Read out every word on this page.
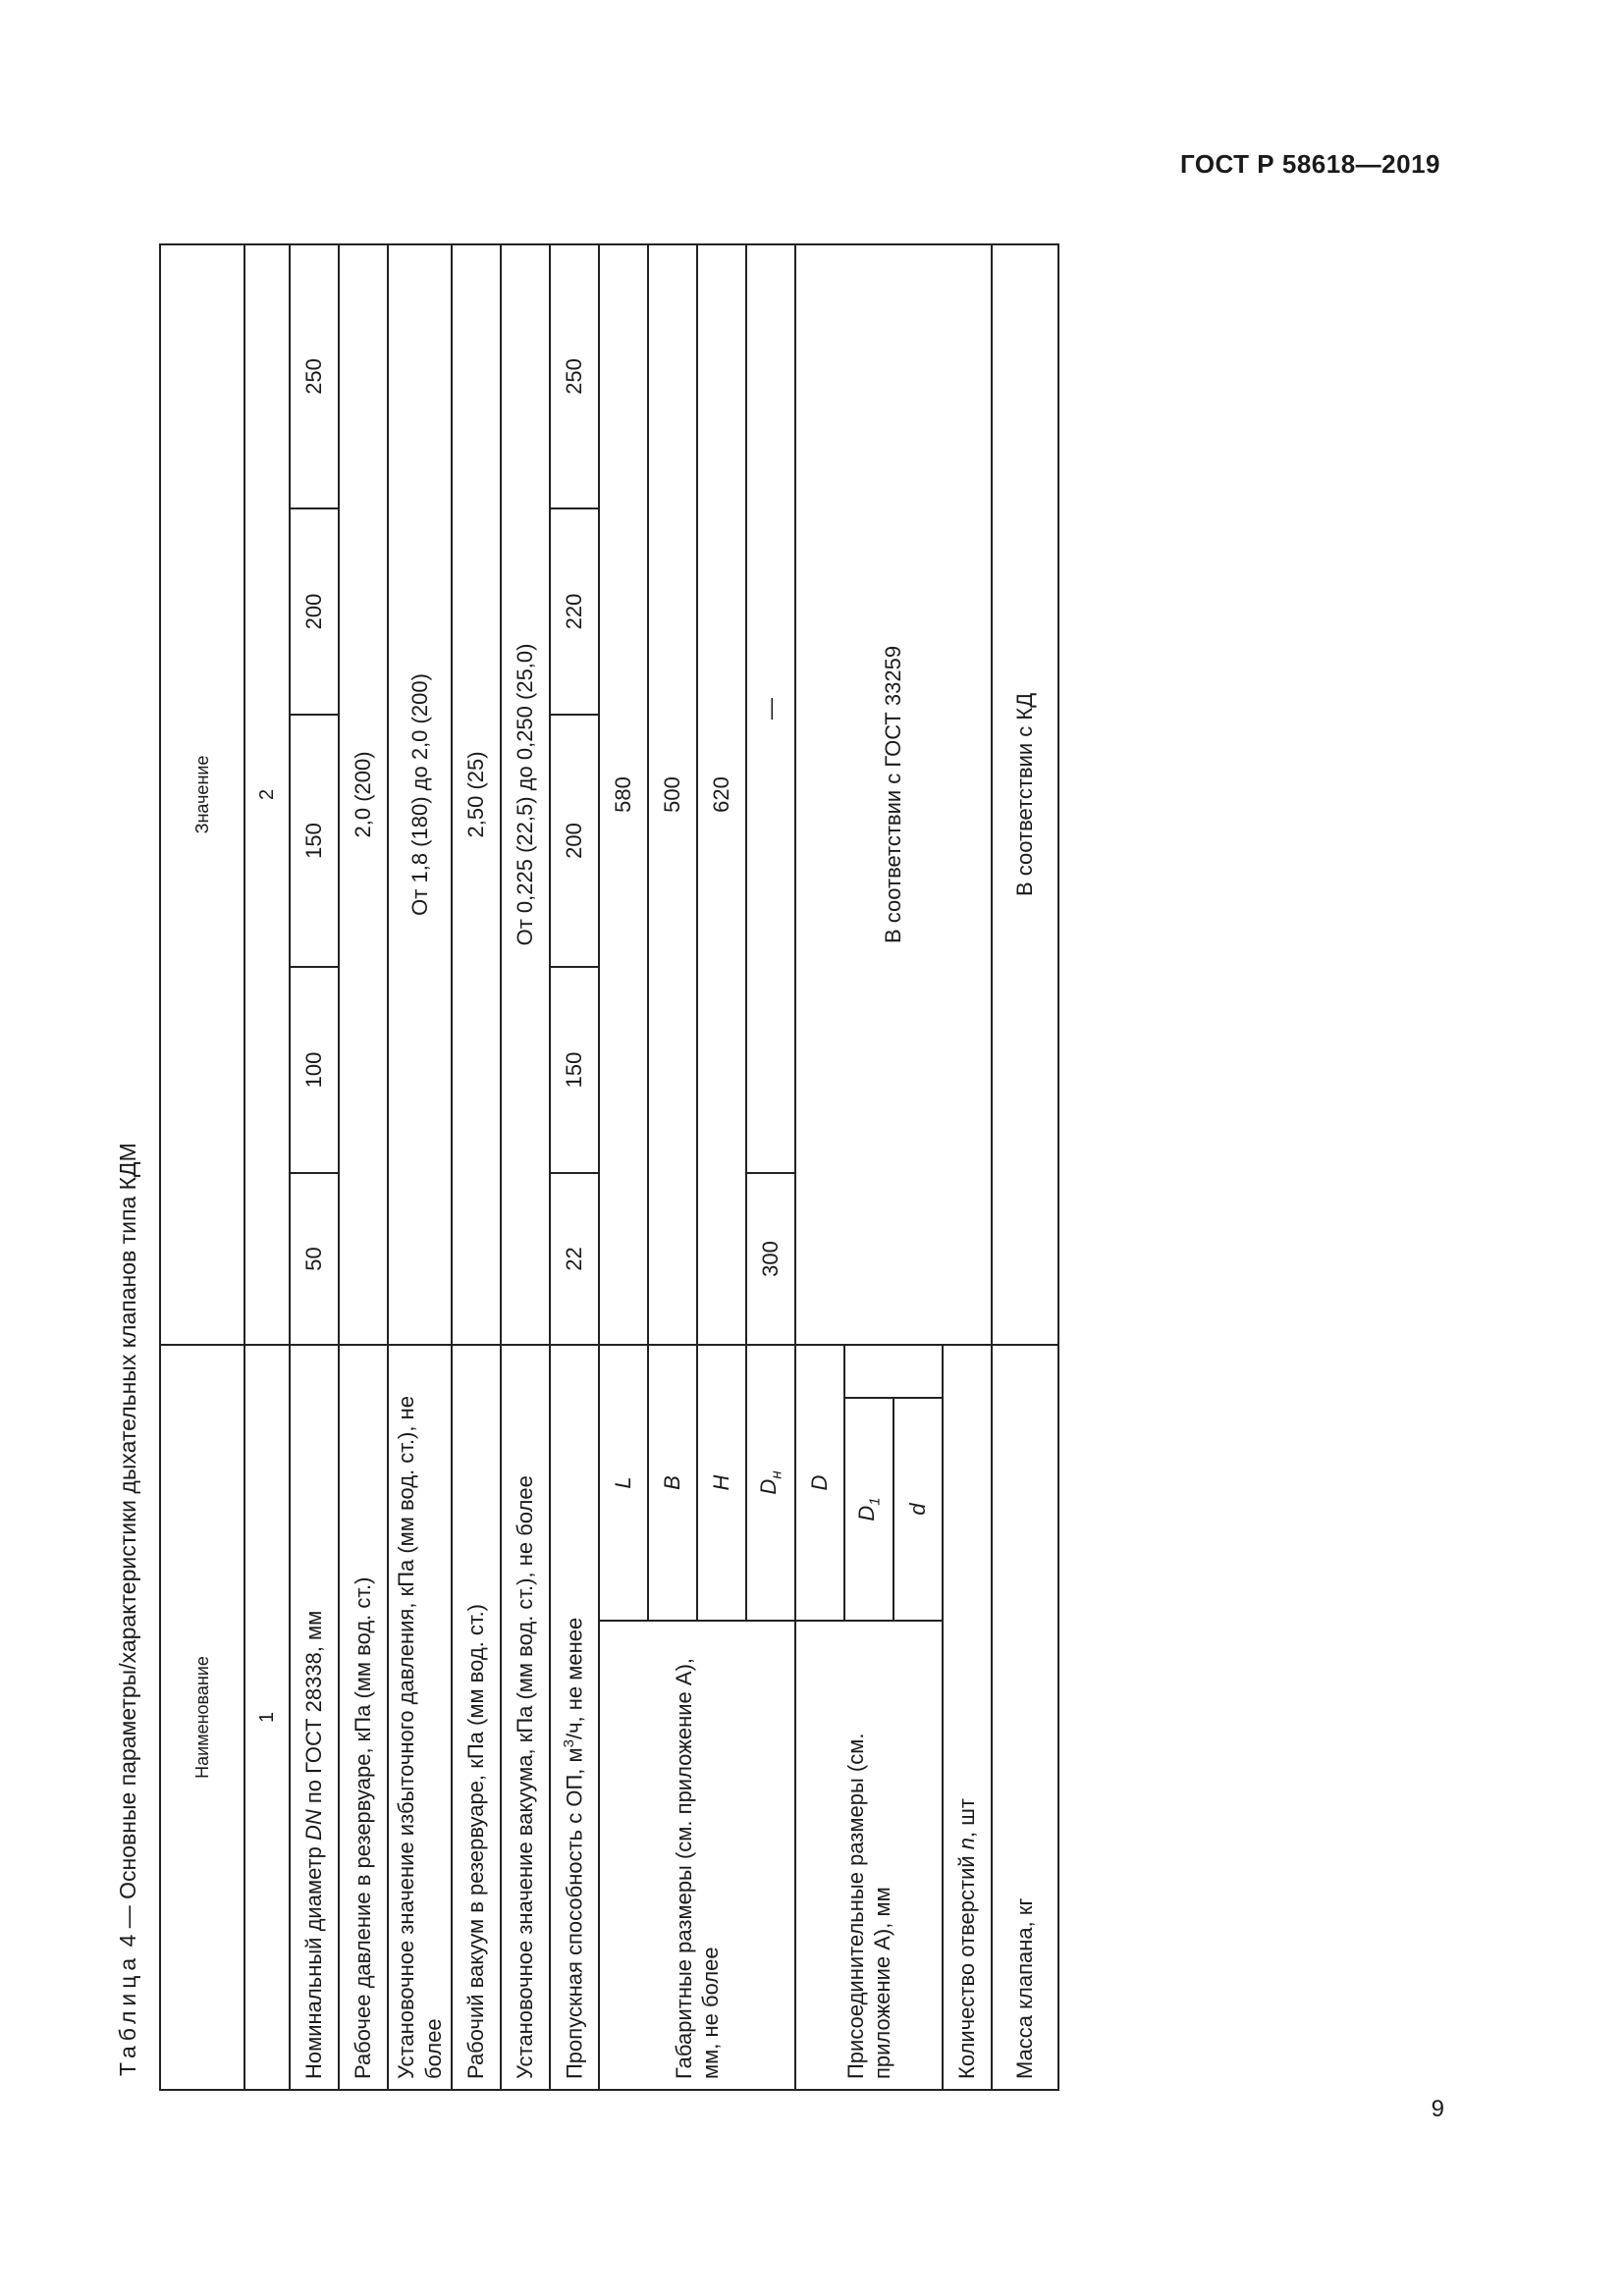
ГОСТ Р 58618—2019
Таблица 4 — Основные параметры/характеристики дыхательных клапанов типа КДМ	Наименование			Значение				
1			2				
Номинальный диаметр DN по ГОСТ 28338, мм			50	100	150	200	250
Рабочее давление в резервуаре, кПа (мм вод. ст.)			2,0 (200)				
Установочное значение избыточного давления, кПа (мм вод. ст.), не более			От 1,8 (180) до 2,0 (200)				
Рабочий вакуум в резервуаре, кПа (мм вод. ст.)			2,50 (25)				
Установочное значение вакуума, кПа (мм вод. ст.), не более			От 0,225 (22,5) до 0,250 (25,0)				
Пропускная способность с ОП, $м^3/ч$, не менее			22	150	200	220	250
Габаритные размеры (см. приложение А), мм, не более	L		580				
	B		500				
	H		620				
	$D_н$		300	—			
Присоединительные размеры (см. приложение А), мм	D		В соответствии с ГОСТ 33259				
	$D_1$	
	d						
Количество отверстий n, шт							
Масса клапана, кг			В соответствии с КД				
9
